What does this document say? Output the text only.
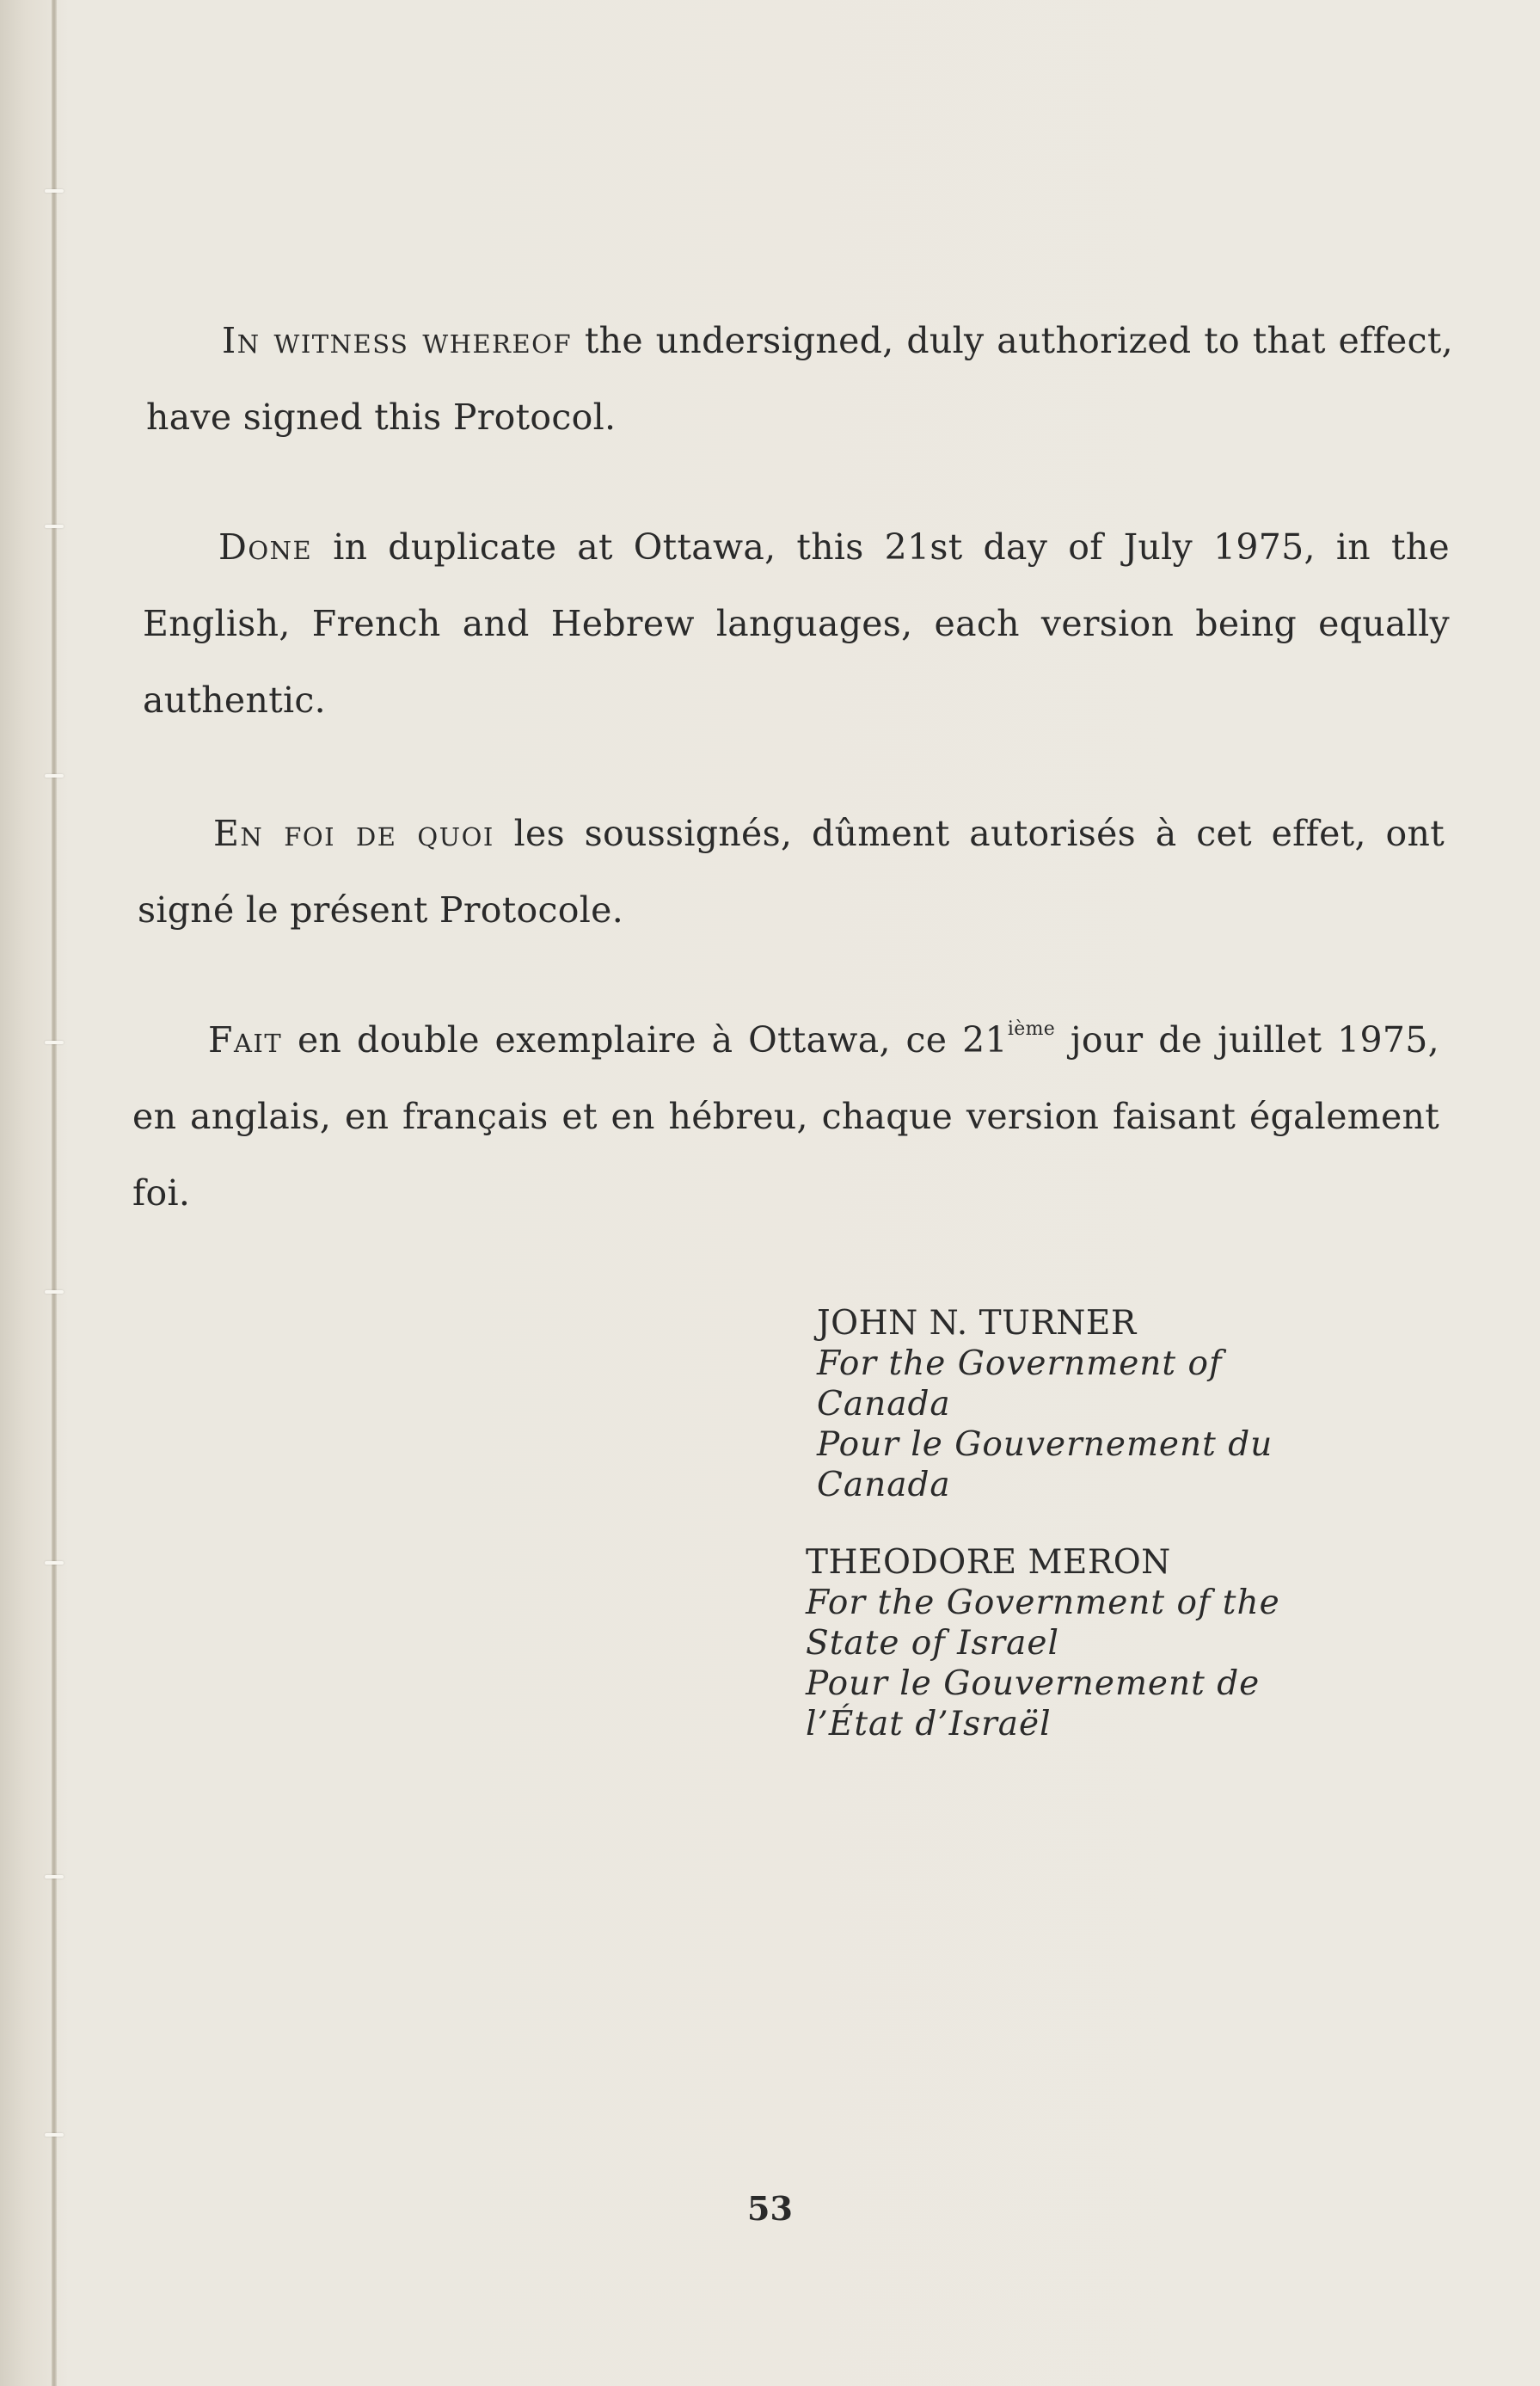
In witness whereof the undersigned, duly authorized to that effect, have signed this Protocol.

Done in duplicate at Ottawa, this 21st day of July 1975, in the English, French and Hebrew languages, each version being equally authentic.

En foi de quoi les soussignés, dûment autorisés à cet effet, ont signé le présent Protocole.

Fait en double exemplaire à Ottawa, ce 21ième jour de juillet 1975, en anglais, en français et en hébreu, chaque version faisant également foi.

JOHN N. TURNER
For the Government of
Canada
Pour le Gouvernement du
Canada
THEODORE MERON
For the Government of the
State of Israel
Pour le Gouvernement de
l’État d’Israël
53
